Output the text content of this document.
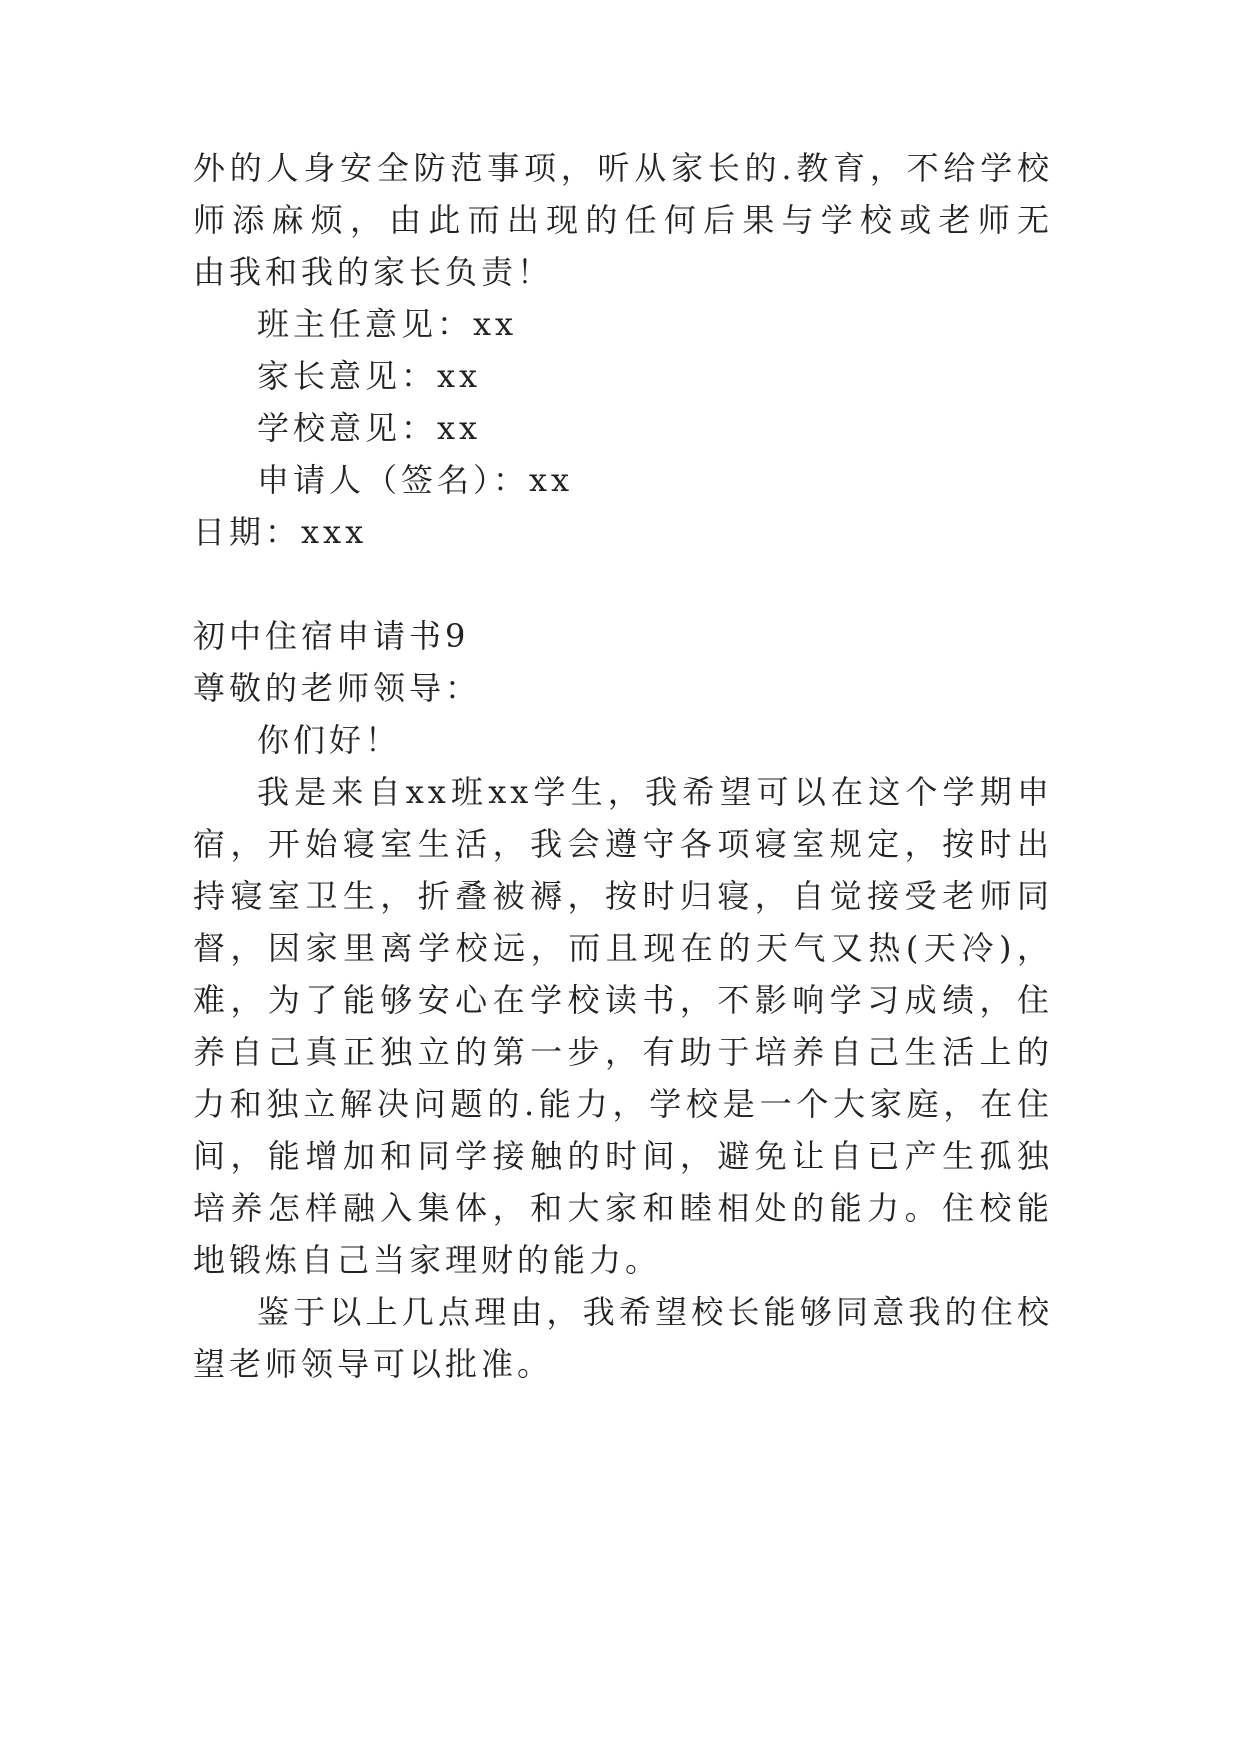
外的人身安全防范事项，听从家长的.教育，不给学校
师添麻烦，由此而出现的任何后果与学校或老师无
由我和我的家长负责！
班主任意见：xx
家长意见：xx
学校意见：xx
申请人（签名）：xx
日期：xxx
初中住宿申请书9
尊敬的老师领导：
你们好！
我是来自xx班xx学生，我希望可以在这个学期申
宿，开始寝室生活，我会遵守各项寝室规定，按时出
持寝室卫生，折叠被褥，按时归寝，自觉接受老师同
督，因家里离学校远，而且现在的天气又热(天冷)，
难，为了能够安心在学校读书，不影响学习成绩，住
养自己真正独立的第一步，有助于培养自己生活上的
力和独立解决问题的.能力，学校是一个大家庭，在住
间，能增加和同学接触的时间，避免让自已产生孤独
培养怎样融入集体，和大家和睦相处的能力。住校能
地锻炼自己当家理财的能力。
鉴于以上几点理由，我希望校长能够同意我的住校
望老师领导可以批准。
